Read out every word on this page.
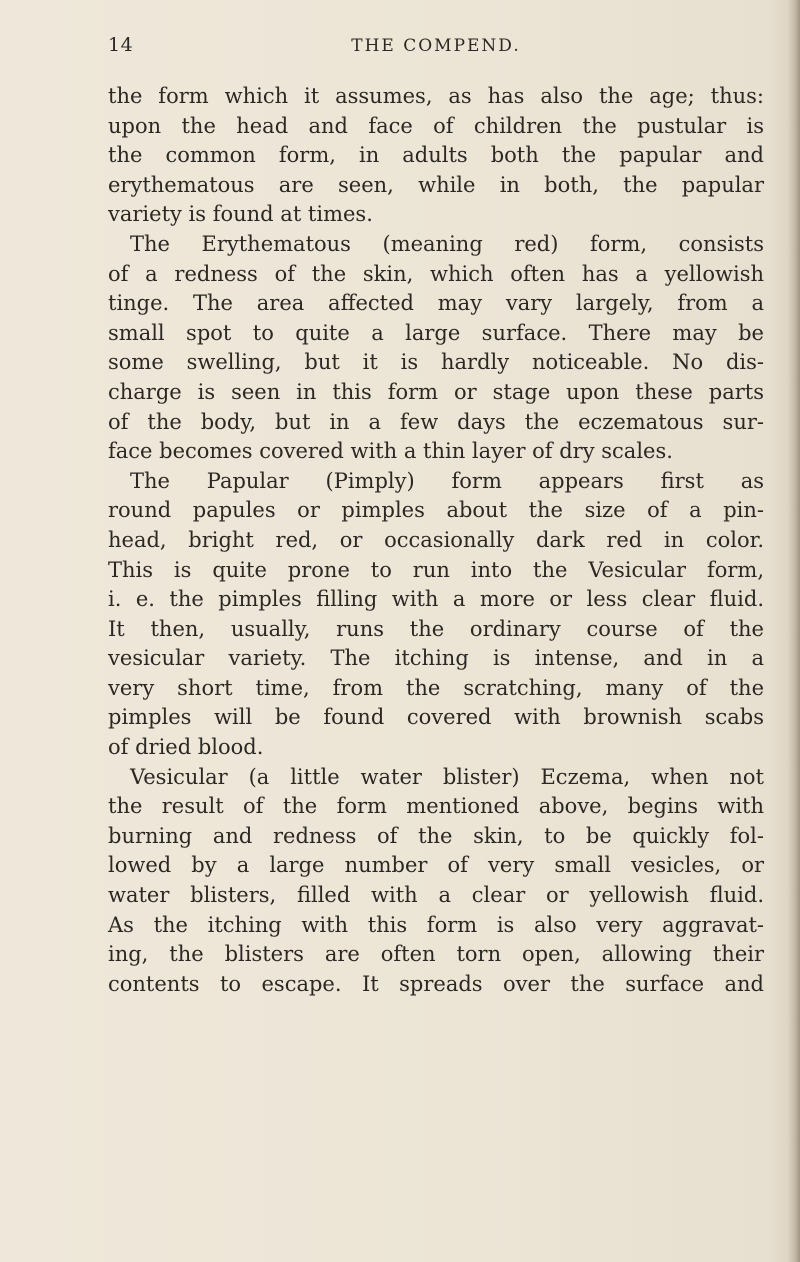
14	THE COMPEND.
the form which it assumes, as has also the age; thus:
upon the head and face of children the pustular is
the common form, in adults both the papular and
erythematous are seen, while in both, the papular
variety is found at times.
The Erythematous (meaning red) form, consists
of a redness of the skin, which often has a yellowish
tinge. The area affected may vary largely, from a
small spot to quite a large surface. There may be
some swelling, but it is hardly noticeable. No dis-
charge is seen in this form or stage upon these parts
of the body, but in a few days the eczematous sur-
face becomes covered with a thin layer of dry scales.
The Papular (Pimply) form appears first as
round papules or pimples about the size of a pin-
head, bright red, or occasionally dark red in color.
This is quite prone to run into the Vesicular form,
i. e. the pimples filling with a more or less clear fluid.
It then, usually, runs the ordinary course of the
vesicular variety. The itching is intense, and in a
very short time, from the scratching, many of the
pimples will be found covered with brownish scabs
of dried blood.
Vesicular (a little water blister) Eczema, when not
the result of the form mentioned above, begins with
burning and redness of the skin, to be quickly fol-
lowed by a large number of very small vesicles, or
water blisters, filled with a clear or yellowish fluid.
As the itching with this form is also very aggravat-
ing, the blisters are often torn open, allowing their
contents to escape. It spreads over the surface and
